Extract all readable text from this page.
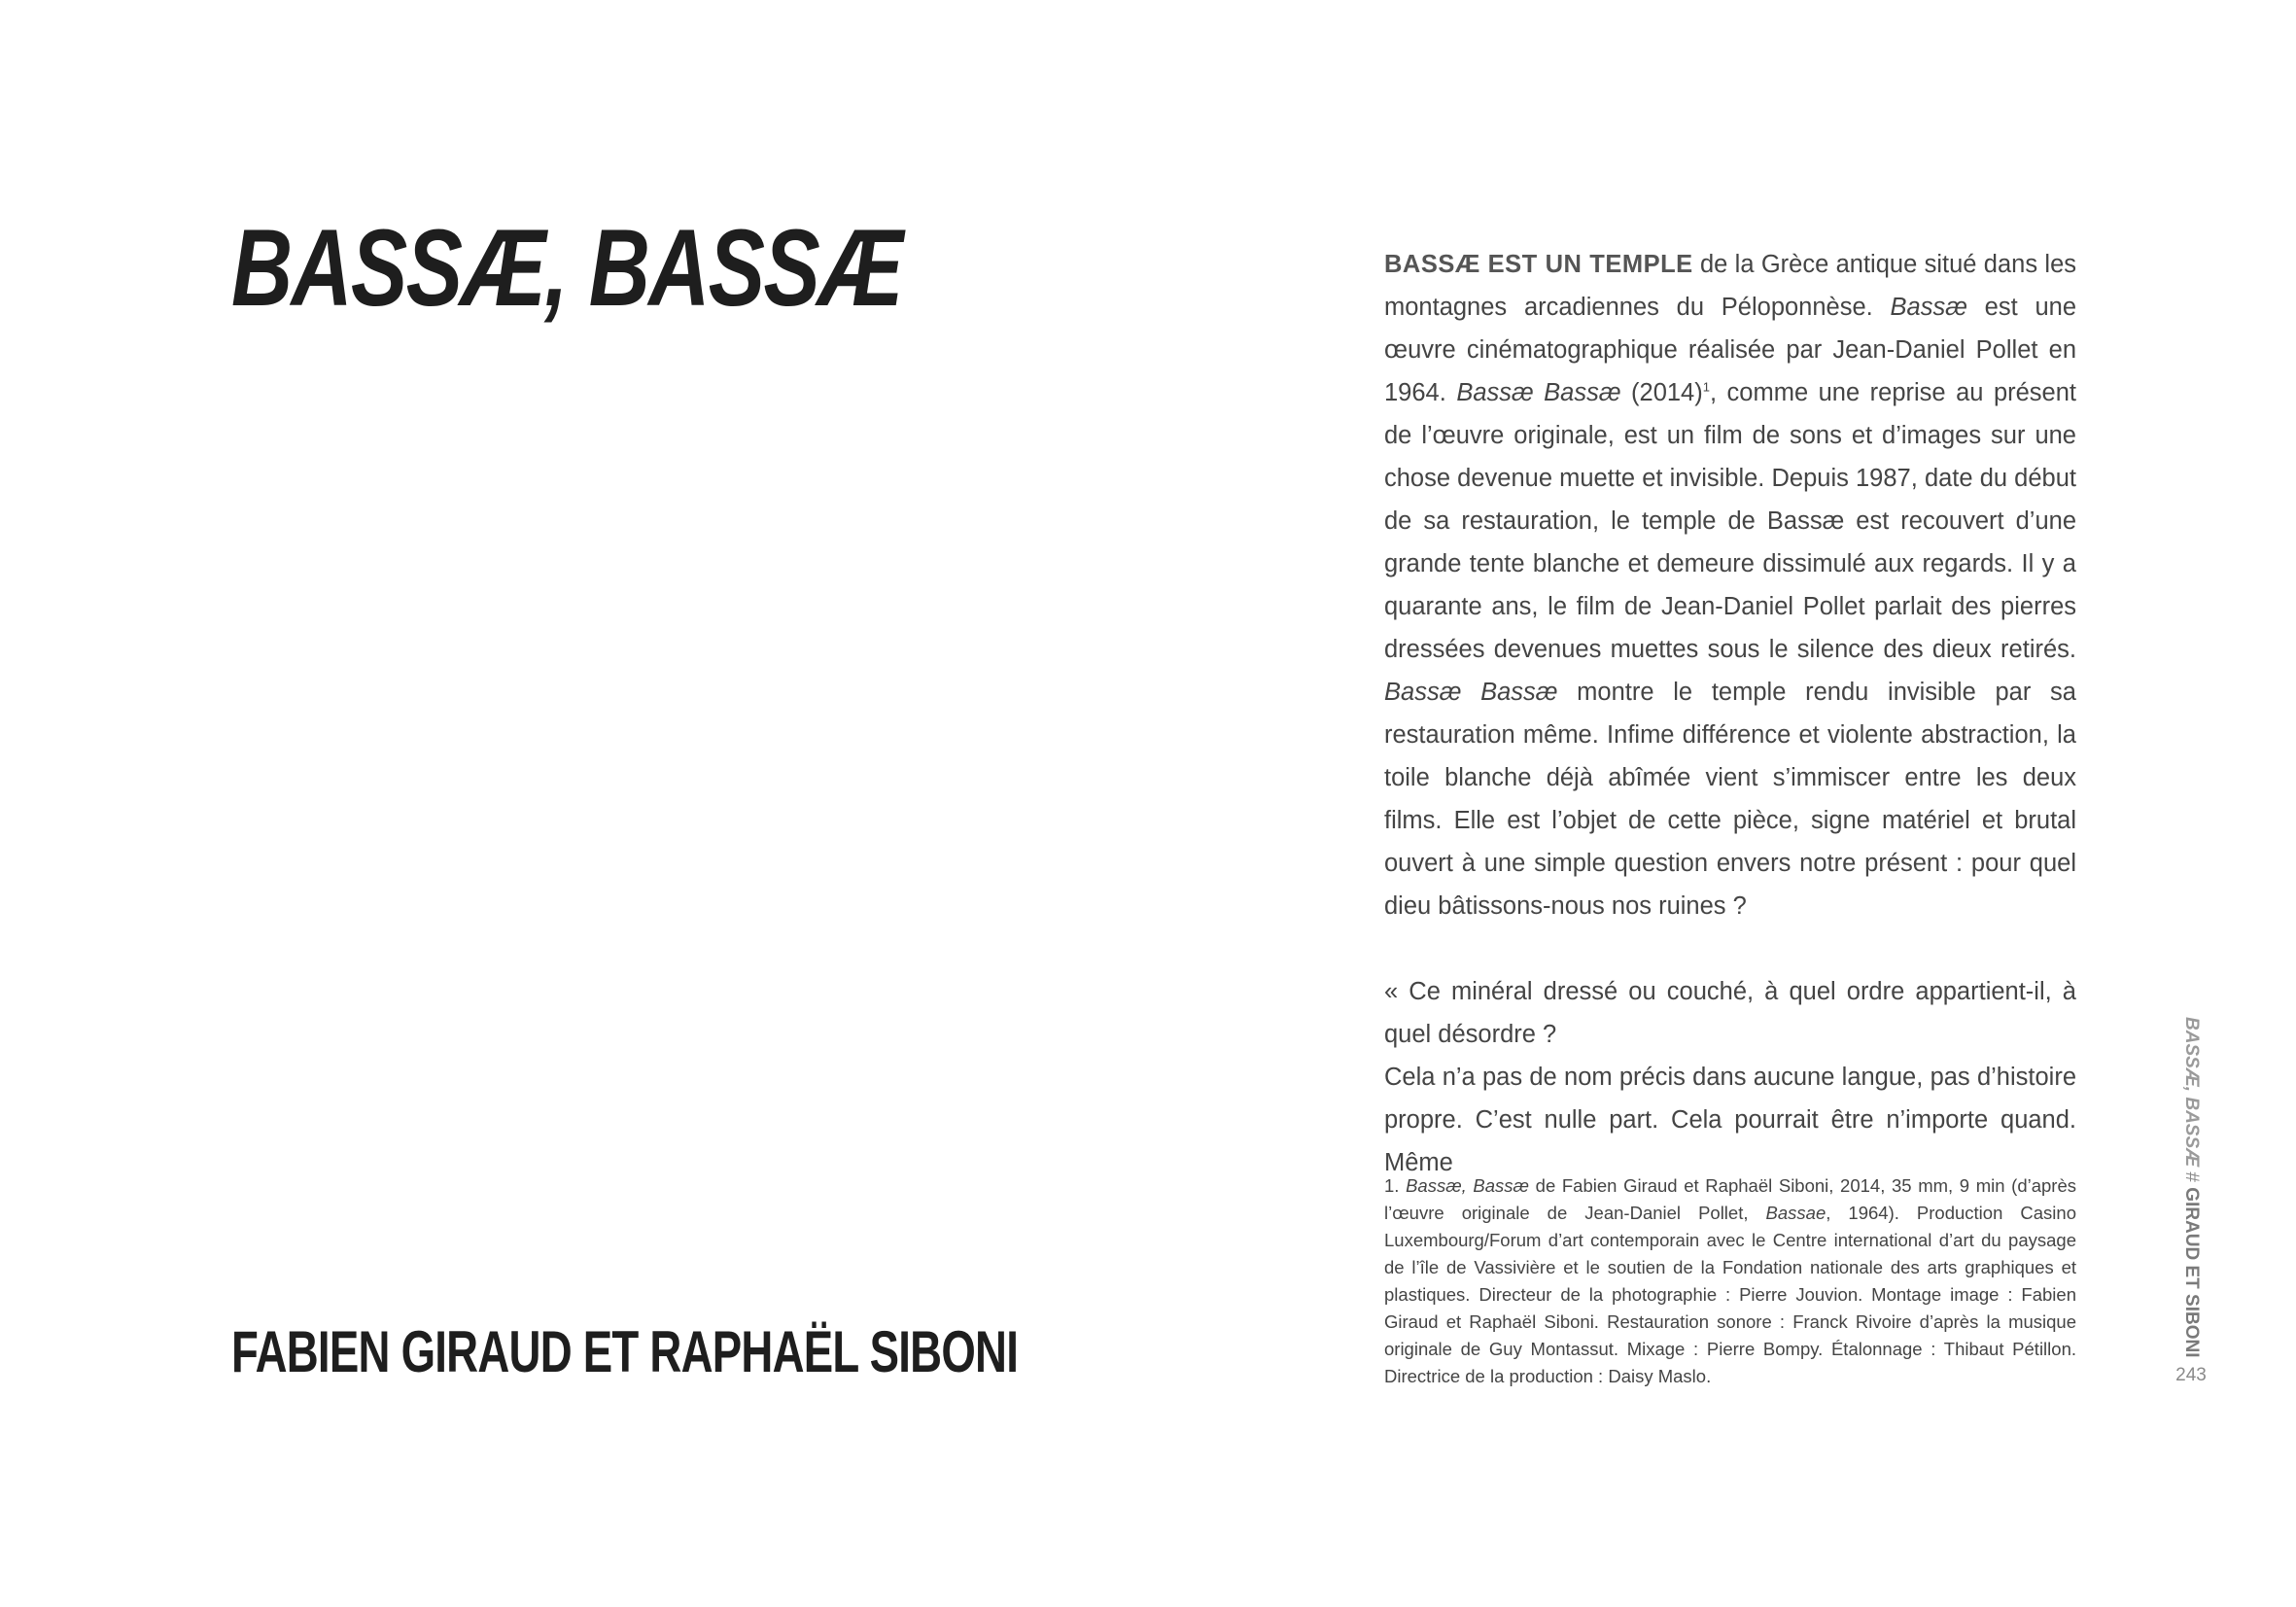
BASSÆ, BASSÆ
FABIEN GIRAUD ET RAPHAËL SIBONI

BASSÆ EST UN TEMPLE de la Grèce antique situé dans les montagnes arcadiennes du Péloponnèse. Bassæ est une œuvre cinématographique réalisée par Jean-Daniel Pollet en 1964. Bassæ Bassæ $(2014)^1$, comme une reprise au présent de l’œuvre originale, est un film de sons et d’images sur une chose devenue muette et invisible. Depuis 1987, date du début de sa restauration, le temple de Bassæ est recouvert d’une grande tente blanche et demeure dissimulé aux regards. Il y a quarante ans, le film de Jean-Daniel Pollet parlait des pierres dressées devenues muettes sous le silence des dieux retirés. Bassæ Bassæ montre le temple rendu invisible par sa restauration même. Infime différence et violente abstraction, la toile blanche déjà abîmée vient s’immiscer entre les deux films. Elle est l’objet de cette pièce, signe matériel et brutal ouvert à une simple question envers notre présent : pour quel dieu bâtissons-nous nos ruines ?

« Ce minéral dressé ou couché, à quel ordre appartient-il, à quel désordre ?

Cela n’a pas de nom précis dans aucune langue, pas d’histoire propre. C’est nulle part. Cela pourrait être n’importe quand. Même

1. Bassæ, Bassæ de Fabien Giraud et Raphaël Siboni, 2014, 35 mm, 9 min (d’après l’œuvre originale de Jean-Daniel Pollet, Bassae, 1964). Production Casino Luxembourg/Forum d’art contemporain avec le Centre international d’art du paysage de l’île de Vassivière et le soutien de la Fondation nationale des arts graphiques et plastiques. Directeur de la photographie : Pierre Jouvion. Montage image : Fabien Giraud et Raphaël Siboni. Restauration sonore : Franck Rivoire d’après la musique originale de Guy Montassut. Mixage : Pierre Bompy. Étalonnage : Thibaut Pétillon. Directrice de la production : Daisy Maslo.

BASSÆ, BASSÆ # GIRAUD ET SIBONI
243
